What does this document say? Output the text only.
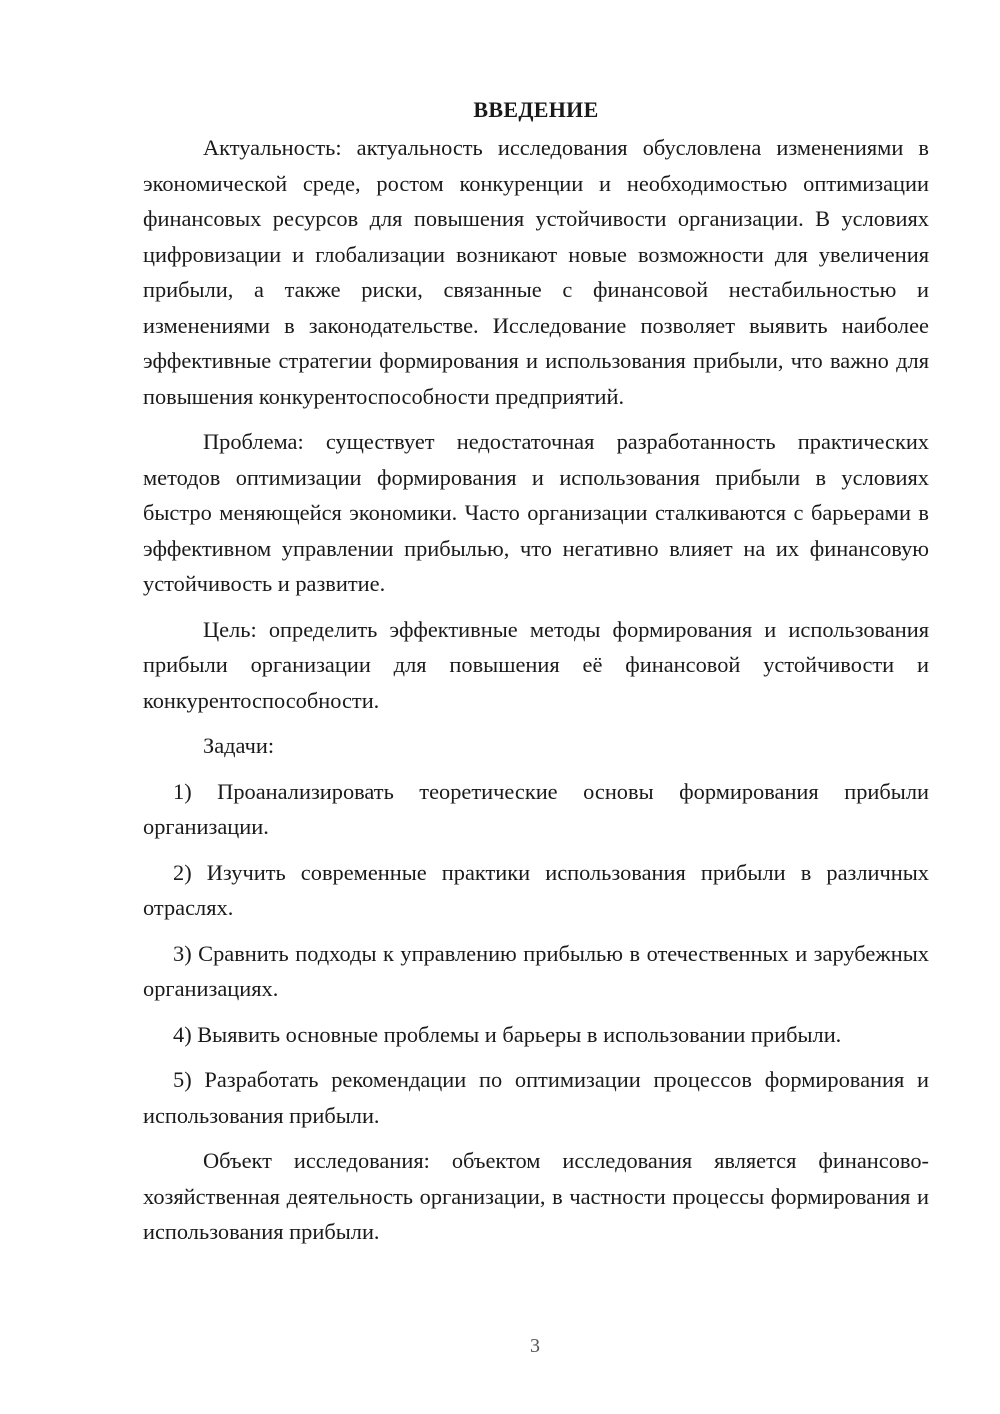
ВВЕДЕНИЕ

Актуальность: актуальность исследования обусловлена изменениями в экономической среде, ростом конкуренции и необходимостью оптимизации финансовых ресурсов для повышения устойчивости организации. В условиях цифровизации и глобализации возникают новые возможности для увеличения прибыли, а также риски, связанные с финансовой нестабильностью и изменениями в законодательстве. Исследование позволяет выявить наиболее эффективные стратегии формирования и использования прибыли, что важно для повышения конкурентоспособности предприятий.

Проблема: существует недостаточная разработанность практических методов оптимизации формирования и использования прибыли в условиях быстро меняющейся экономики. Часто организации сталкиваются с барьерами в эффективном управлении прибылью, что негативно влияет на их финансовую устойчивость и развитие.

Цель: определить эффективные методы формирования и использования прибыли организации для повышения её финансовой устойчивости и конкурентоспособности.

Задачи:

1) Проанализировать теоретические основы формирования прибыли организации.

2) Изучить современные практики использования прибыли в различных отраслях.

3) Сравнить подходы к управлению прибылью в отечественных и зарубежных организациях.

4) Выявить основные проблемы и барьеры в использовании прибыли.

5) Разработать рекомендации по оптимизации процессов формирования и использования прибыли.

Объект исследования: объектом исследования является финансово-хозяйственная деятельность организации, в частности процессы формирования и использования прибыли.

3
